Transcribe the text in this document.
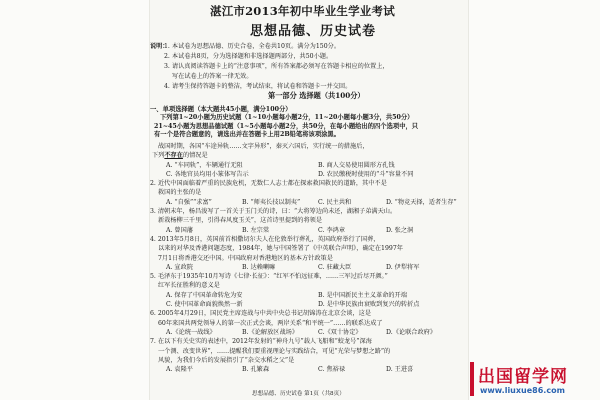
湛江市2013年初中毕业生学业考试
思想品德、历史试卷
说明：
1. 本试卷为思想品德、历史合卷，全卷共10页。满分为150分。
2. 本试卷共8页，分为选择题和非选择题两部分，共50小题。
3. 请认真阅读答题卡上的“注意事项”，所有答案都必须写在答题卡相应的位置上，
写在试卷上的答案一律无效。
4. 请考生保持答题卡的整洁，考试结束，将试卷和答题卡一并交回。
第一部分 选择题（共100分）
一、单项选择题（本大题共45小题，满分100分）
下列第1~20小题为历史试题（1~10小题每小题2分，11~20小题每小题3分，共50分）
21~45小题为思想品德试题（1~5小题每小题2分，共50分，在每小题给出的四个选项中，只
有一个是符合题意的，请选出并在答题卡上用2B铅笔将该项涂黑。
战国时期，各国“车途异轨……文字异形”，秦灭六国后，实行统一的措施后，
下列不存在的情况是
A. “车同轨”，车辆通行无阻	B. 商人交易使用圆形方孔钱
C. 各地官员均用小篆体写告示	D. 农民缴税时使用的“斗”容量不同
2. 近代中国面临着严重的民族危机，无数仁人志士都在探索救国救民的道路，其中不是
救国的主张的是
A. “自强”“求富”	B. “师夷长技以制夷”	C. 民主共和	D. “物竞天择，适者生存”
3. 清朝末年，杨昌浚写了一首关于玉门关的诗，曰：“大将筹边尚未还，湖湘子弟满天山。
新栽杨柳三千里，引得春风度玉关”，这首诗里提到的将领是
A. 曾国藩	B. 左宗棠	C. 李鸿章	D. 张之洞
4. 2013年5月8日，英国前首相撒切尔夫人在伦敦举行葬礼，英国政府举行了国葬，
以来的对华及香港问题态度，1984年，她与中国签署了《中英联合声明》，确定在1997年
7月1日将香港交还中国。中国政府对香港地区的基本方针政策是
A. 宣政院	B. 达赖喇嘛	C. 驻藏大臣	D. 伊犁将军
5. 毛泽东于1935年10月写诗《七律·长征》：“红军不怕远征难，……三军过后尽开颜。”
红军长征胜利的意义是
A. 保存了中国革命转危为安	B. 是中国新民主主义革命的开端
C. 使中国革命面貌焕然一新	D. 是中华民族由衰败到复兴的转折点
6. 2005年4月29日，国民党主席连战与中共中央总书记胡锦涛在北京会谈，这是
60年来国共两党领导人的第一次正式会谈，两岸关系“和平统一”……的联系达成了
A.《论统一战线》	B.《论解放区战场》	C.《双十协定》	D.《论联合政府》
7. 在以下有关史实的表述中，2012年发射的“神舟九号”载人飞船和“蛟龙号”深海
一个测、改变世界”，……提醒我们要重视理论与实践结合，可见“光荣与梦想之路”的
风貌，为我们今后的发展指引了“杂交水稻之父”是
A. 袁隆平	B. 孔繁森	C. 焦裕禄	D. 王进喜
思想品德、历史试卷 第1页（共8页）
出国留学网
www.liuxue86.com
